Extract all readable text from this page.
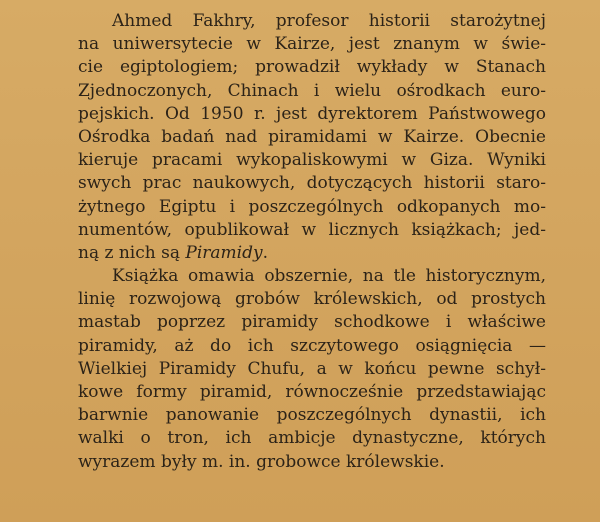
Ahmed Fakhry, profesor historii starożytnej
na uniwersytecie w Kairze, jest znanym w świe-
cie egiptologiem; prowadził wykłady w Stanach
Zjednoczonych, Chinach i wielu ośrodkach euro-
pejskich. Od 1950 r. jest dyrektorem Państwowego
Ośrodka badań nad piramidami w Kairze. Obecnie
kieruje pracami wykopaliskowymi w Giza. Wyniki
swych prac naukowych, dotyczących historii staro-
żytnego Egiptu i poszczególnych odkopanych mo-
numentów, opublikował w licznych książkach; jed-
ną z nich są Piramidy.
Książka omawia obszernie, na tle historycznym,
linię rozwojową grobów królewskich, od prostych
mastab poprzez piramidy schodkowe i właściwe
piramidy, aż do ich szczytowego osiągnięcia —
Wielkiej Piramidy Chufu, a w końcu pewne schył-
kowe formy piramid, równocześnie przedstawiając
barwnie panowanie poszczególnych dynastii, ich
walki o tron, ich ambicje dynastyczne, których
wyrazem były m. in. grobowce królewskie.
